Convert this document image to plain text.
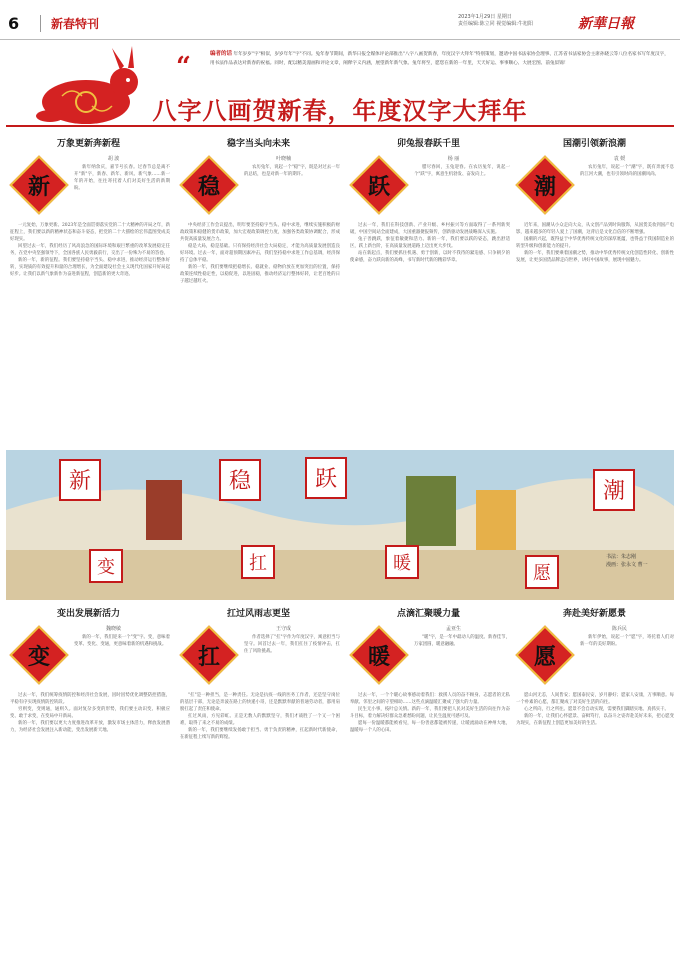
6	新春特刊	2023年1月29日 星期日
责任编辑:陈立同 视觉编辑:牛旭阳	新華日報
“	编者的话 年年岁岁"字"相似，岁岁年年"字"不同。兔年春节期间，新华日报全媒体评论部推出"八字八画贺新春，年度汉字大拜年"特别策划，邀请中国书法家协会理事、江苏省书法家协会主席孙晓云等八位名家书写年度汉字，用书法作品表达对新春的祝福。同时，配以精美漫画和评论文章，阐释字义内涵，展望新年新气象。兔年将至，愿您在新的一年里，天天好运、事事顺心、大展宏图、前兔似锦！
八字八画贺新春，年度汉字大拜年
万象更新奔新程
胡 波
新

新年纳余庆，嘉节号长春。过春节总是离不开"新"字，新春、新年、新风、新气象……新一年的开始，往往寄托着人们对美好生活的新期盼。

一元复始，万象更新。2023年是全面贯彻落实党的二十大精神的开局之年，新征程上，我们要以新的精神状态和奋斗姿态，把党的二十大描绘的宏伟蓝图变成美好现实。

回望过去一年，我们经历了风高浪急的国际环境和艰巨繁重的改革发展稳定任务，在党中央坚强领导下，全国各族人民勇毅前行，交出了一份殊为不易的答卷。

新的一年，新的征程。我们要坚持稳字当头、稳中求进，推动经济运行整体好转，实现质的有效提升和量的合理增长，为全面建设社会主义现代化国家开好局起好步。让我们以新气象新作为奋进新征程，创造新的更大奇迹。

稳字当头向未来
叶晓楠
稳

农历兔年，说起一个"稳"字，既是对过去一年的总结，也是对新一年的期许。

中央经济工作会议提出，明年要坚持稳字当头、稳中求进，继续实施积极的财政政策和稳健的货币政策，加大宏观政策调控力度，加强各类政策协调配合，形成共促高质量发展合力。

稳是大局，稳是基础。只有保持经济社会大局稳定，才能为高质量发展创造良好环境。过去一年，面对超预期因素冲击，我们坚持稳中求进工作总基调，经济保持了总体平稳。

新的一年，我们要继续把稳增长、稳就业、稳物价放在更加突出的位置，保持政策连续性稳定性，以稳促进，以进固稳，推动经济运行整体好转，让老百姓的日子越过越红火。

卯兔报春跃千里
杨 丽
跃

腊尽春回，玉兔迎春。在农历兔年，说起一个"跃"字，寓意生机勃发、奋发向上。

过去一年，我们在科技创新、产业升级、乡村振兴等方面取得了一系列新突破，中国空间站全面建成，大国重器捷报频传，创新驱动发展战略深入实施。

兔子善跳跃，象征着敏捷和活力。新的一年，我们要以跃的姿态，跳出舒适区，跃上新台阶，在高质量发展道路上迈出更大步伐。

站在新起点，我们要抓住机遇、勇于创新，以时不我待的紧迫感、只争朝夕的使命感，奋力跃向新的高峰，书写新时代新的精彩华章。

国潮引领新浪潮
袁 媛
潮

农历兔年，说起一个"潮"字，既有奔流不息的江河大潮，也有引领时尚的国潮风尚。

近年来，国潮从小众走向大众，从文创产品到时尚服饰，从国货美妆到国产电影，越来越多的年轻人爱上了国潮，这背后是文化自信的不断增强。

国潮的兴起，既得益于中华优秀传统文化的深厚底蕴，也得益于我国制造业的转型升级和创新能力的提升。

新的一年，我们要乘着国潮之势，推动中华优秀传统文化创造性转化、创新性发展，让更多国货品牌走向世界，讲好中国故事，展现中国魅力。

新	稳	跃	潮
变	扛	暖	愿
书法：朱志刚
漫画：张永文 曹一
变出发展新活力
魏晓敏
变

新的一年，我们迎来一个"变"字。变，意味着变革、变化、变通，更意味着新的机遇和挑战。

过去一年，我们统筹疫情防控和经济社会发展，因时因势优化调整防控措施，平稳有序实现疫情防控转段。

穷则变，变则通，通则久。面对复杂多变的形势，我们要主动识变、积极应变、敢于求变，在变局中开新局。

新的一年，我们要以更大力度推进改革开放，激发市场主体活力，释放发展潜力，为经济社会发展注入新动能，变出发展新天地。

扛过风雨志更坚
王守成
扛

作者选择了"扛"字作为年度汉字，寓意担当与坚守。回首过去一年，我们扛住了疫情冲击，扛住了风险挑战。

"扛"是一种担当，是一种责任。无论是抗疫一线的医务工作者，还是坚守岗位的基层干部，无论是奔波在路上的快递小哥，还是默默奉献的普通劳动者，都用肩膀扛起了责任和使命。

扛过风雨，方见彩虹。正是无数人的默默坚守，我们才战胜了一个又一个困难，取得了来之不易的成绩。

新的一年，我们要继续发扬敢于担当、勇于负责的精神，扛起新时代新使命，在新征程上续写新的辉煌。

点滴汇聚暖力量
孟亚生
暖

"暖"字，是一年中最动人的温度。新春佳节，万家团圆，暖意融融。

过去一年，一个个暖心故事感动着我们：救援人员的奋不顾身、志愿者的无私奉献、邻里之间的守望相助……这些点滴温暖汇聚成了强大的力量。

民生无小事，枝叶总关情。新的一年，我们要把人民对美好生活的向往作为奋斗目标，着力解决好群众急难愁盼问题，让民生温度可感可及。

愿每一份温暖都能被看见，每一份善意都能被传递，让暖流涌动在神州大地，温暖每一个人的心田。

奔赴美好新愿景
陈兵民
愿

新年伊始，说起一个"愿"字，寄托着人们对新一年的美好期盼。

愿山河无恙，人间皆安；愿国泰民安，岁月静好；愿家人安康，万事顺意。每一个朴素的心愿，都汇聚成了对美好生活的向往。

心之所向，行之所往。愿景不会自动实现，需要我们脚踏实地、真抓实干。

新的一年，让我们心怀愿景、奋楫笃行，以奋斗之姿奔赴美好未来，把心愿变为现实，在新征程上创造更加美好的生活。
